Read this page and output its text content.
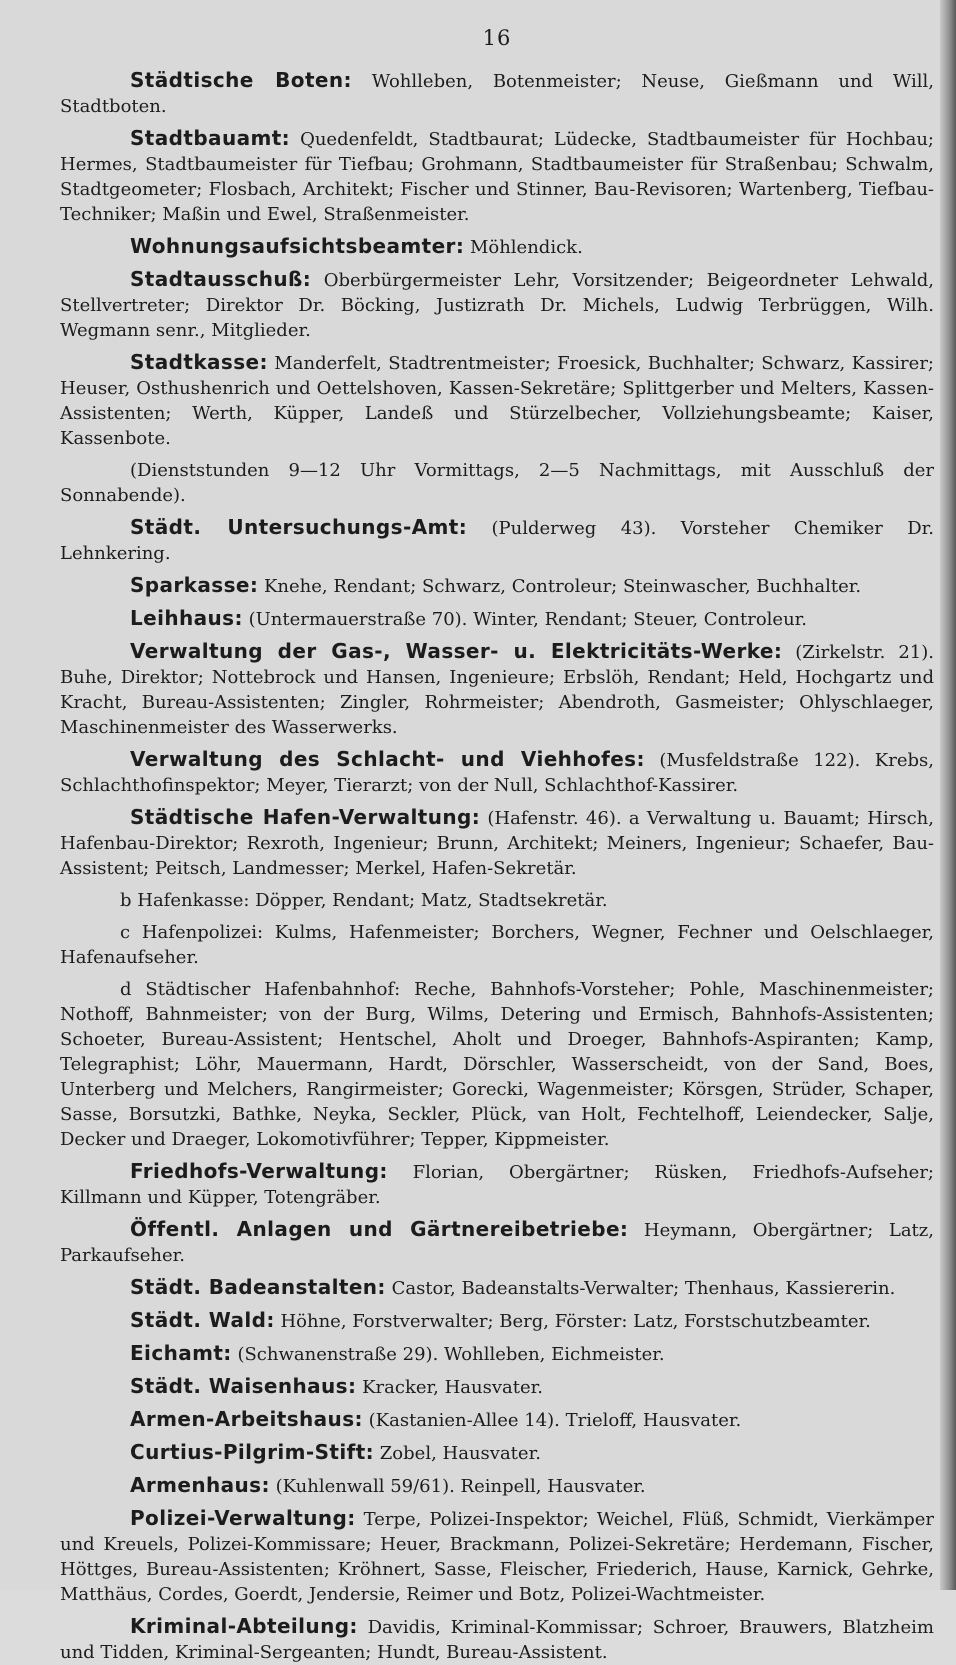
16

Städtische Boten: Wohlleben, Botenmeister; Neuse, Gießmann und Will, Stadtboten.

Stadtbauamt: Quedenfeldt, Stadtbaurat; Lüdecke, Stadtbaumeister für Hochbau; Hermes, Stadtbaumeister für Tiefbau; Grohmann, Stadtbaumeister für Straßenbau; Schwalm, Stadtgeometer; Flosbach, Architekt; Fischer und Stinner, Bau-Revisoren; Wartenberg, Tiefbau-Techniker; Maßin und Ewel, Straßenmeister.

Wohnungsaufsichtsbeamter: Möhlendick.

Stadtausschuß: Oberbürgermeister Lehr, Vorsitzender; Beigeordneter Lehwald, Stellvertreter; Direktor Dr. Böcking, Justizrath Dr. Michels, Ludwig Terbrüggen, Wilh. Wegmann senr., Mitglieder.

Stadtkasse: Manderfelt, Stadtrentmeister; Froesick, Buchhalter; Schwarz, Kassirer; Heuser, Osthushenrich und Oettelshoven, Kassen-Sekretäre; Splittgerber und Melters, Kassen-Assistenten; Werth, Küpper, Landeß und Stürzelbecher, Vollziehungsbeamte; Kaiser, Kassenbote.

(Dienststunden 9—12 Uhr Vormittags, 2—5 Nachmittags, mit Ausschluß der Sonnabende).

Städt. Untersuchungs-Amt: (Pulderweg 43). Vorsteher Chemiker Dr. Lehnkering.

Sparkasse: Knehe, Rendant; Schwarz, Controleur; Steinwascher, Buchhalter.

Leihhaus: (Untermauerstraße 70). Winter, Rendant; Steuer, Controleur.

Verwaltung der Gas-, Wasser- u. Elektricitäts-Werke: (Zirkelstr. 21). Buhe, Direktor; Nottebrock und Hansen, Ingenieure; Erbslöh, Rendant; Held, Hochgartz und Kracht, Bureau-Assistenten; Zingler, Rohrmeister; Abendroth, Gasmeister; Ohlyschlaeger, Maschinenmeister des Wasserwerks.

Verwaltung des Schlacht- und Viehhofes: (Musfeldstraße 122). Krebs, Schlachthofinspektor; Meyer, Tierarzt; von der Null, Schlachthof-Kassirer.

Städtische Hafen-Verwaltung: (Hafenstr. 46). a Verwaltung u. Bauamt; Hirsch, Hafenbau-Direktor; Rexroth, Ingenieur; Brunn, Architekt; Meiners, Ingenieur; Schaefer, Bau-Assistent; Peitsch, Landmesser; Merkel, Hafen-Sekretär.

b Hafenkasse: Döpper, Rendant; Matz, Stadtsekretär.

c Hafenpolizei: Kulms, Hafenmeister; Borchers, Wegner, Fechner und Oelschlaeger, Hafenaufseher.

d Städtischer Hafenbahnhof: Reche, Bahnhofs-Vorsteher; Pohle, Maschinenmeister; Nothoff, Bahnmeister; von der Burg, Wilms, Detering und Ermisch, Bahnhofs-Assistenten; Schoeter, Bureau-Assistent; Hentschel, Aholt und Droeger, Bahnhofs-Aspiranten; Kamp, Telegraphist; Löhr, Mauermann, Hardt, Dörschler, Wasserscheidt, von der Sand, Boes, Unterberg und Melchers, Rangirmeister; Gorecki, Wagenmeister; Körsgen, Strüder, Schaper, Sasse, Borsutzki, Bathke, Neyka, Seckler, Plück, van Holt, Fechtelhoff, Leiendecker, Salje, Decker und Draeger, Lokomotivführer; Tepper, Kippmeister.

Friedhofs-Verwaltung: Florian, Obergärtner; Rüsken, Friedhofs-Aufseher; Killmann und Küpper, Totengräber.

Öffentl. Anlagen und Gärtnereibetriebe: Heymann, Obergärtner; Latz, Parkaufseher.

Städt. Badeanstalten: Castor, Badeanstalts-Verwalter; Thenhaus, Kassiererin.

Städt. Wald: Höhne, Forstverwalter; Berg, Förster: Latz, Forstschutzbeamter.

Eichamt: (Schwanenstraße 29). Wohlleben, Eichmeister.

Städt. Waisenhaus: Kracker, Hausvater.

Armen-Arbeitshaus: (Kastanien-Allee 14). Trieloff, Hausvater.

Curtius-Pilgrim-Stift: Zobel, Hausvater.

Armenhaus: (Kuhlenwall 59/61). Reinpell, Hausvater.

Polizei-Verwaltung: Terpe, Polizei-Inspektor; Weichel, Flüß, Schmidt, Vierkämper und Kreuels, Polizei-Kommissare; Heuer, Brackmann, Polizei-Sekretäre; Herdemann, Fischer, Höttges, Bureau-Assistenten; Kröhnert, Sasse, Fleischer, Friederich, Hause, Karnick, Gehrke, Matthäus, Cordes, Goerdt, Jendersie, Reimer und Botz, Polizei-Wachtmeister.

Kriminal-Abteilung: Davidis, Kriminal-Kommissar; Schroer, Brauwers, Blatzheim und Tidden, Kriminal-Sergeanten; Hundt, Bureau-Assistent.
